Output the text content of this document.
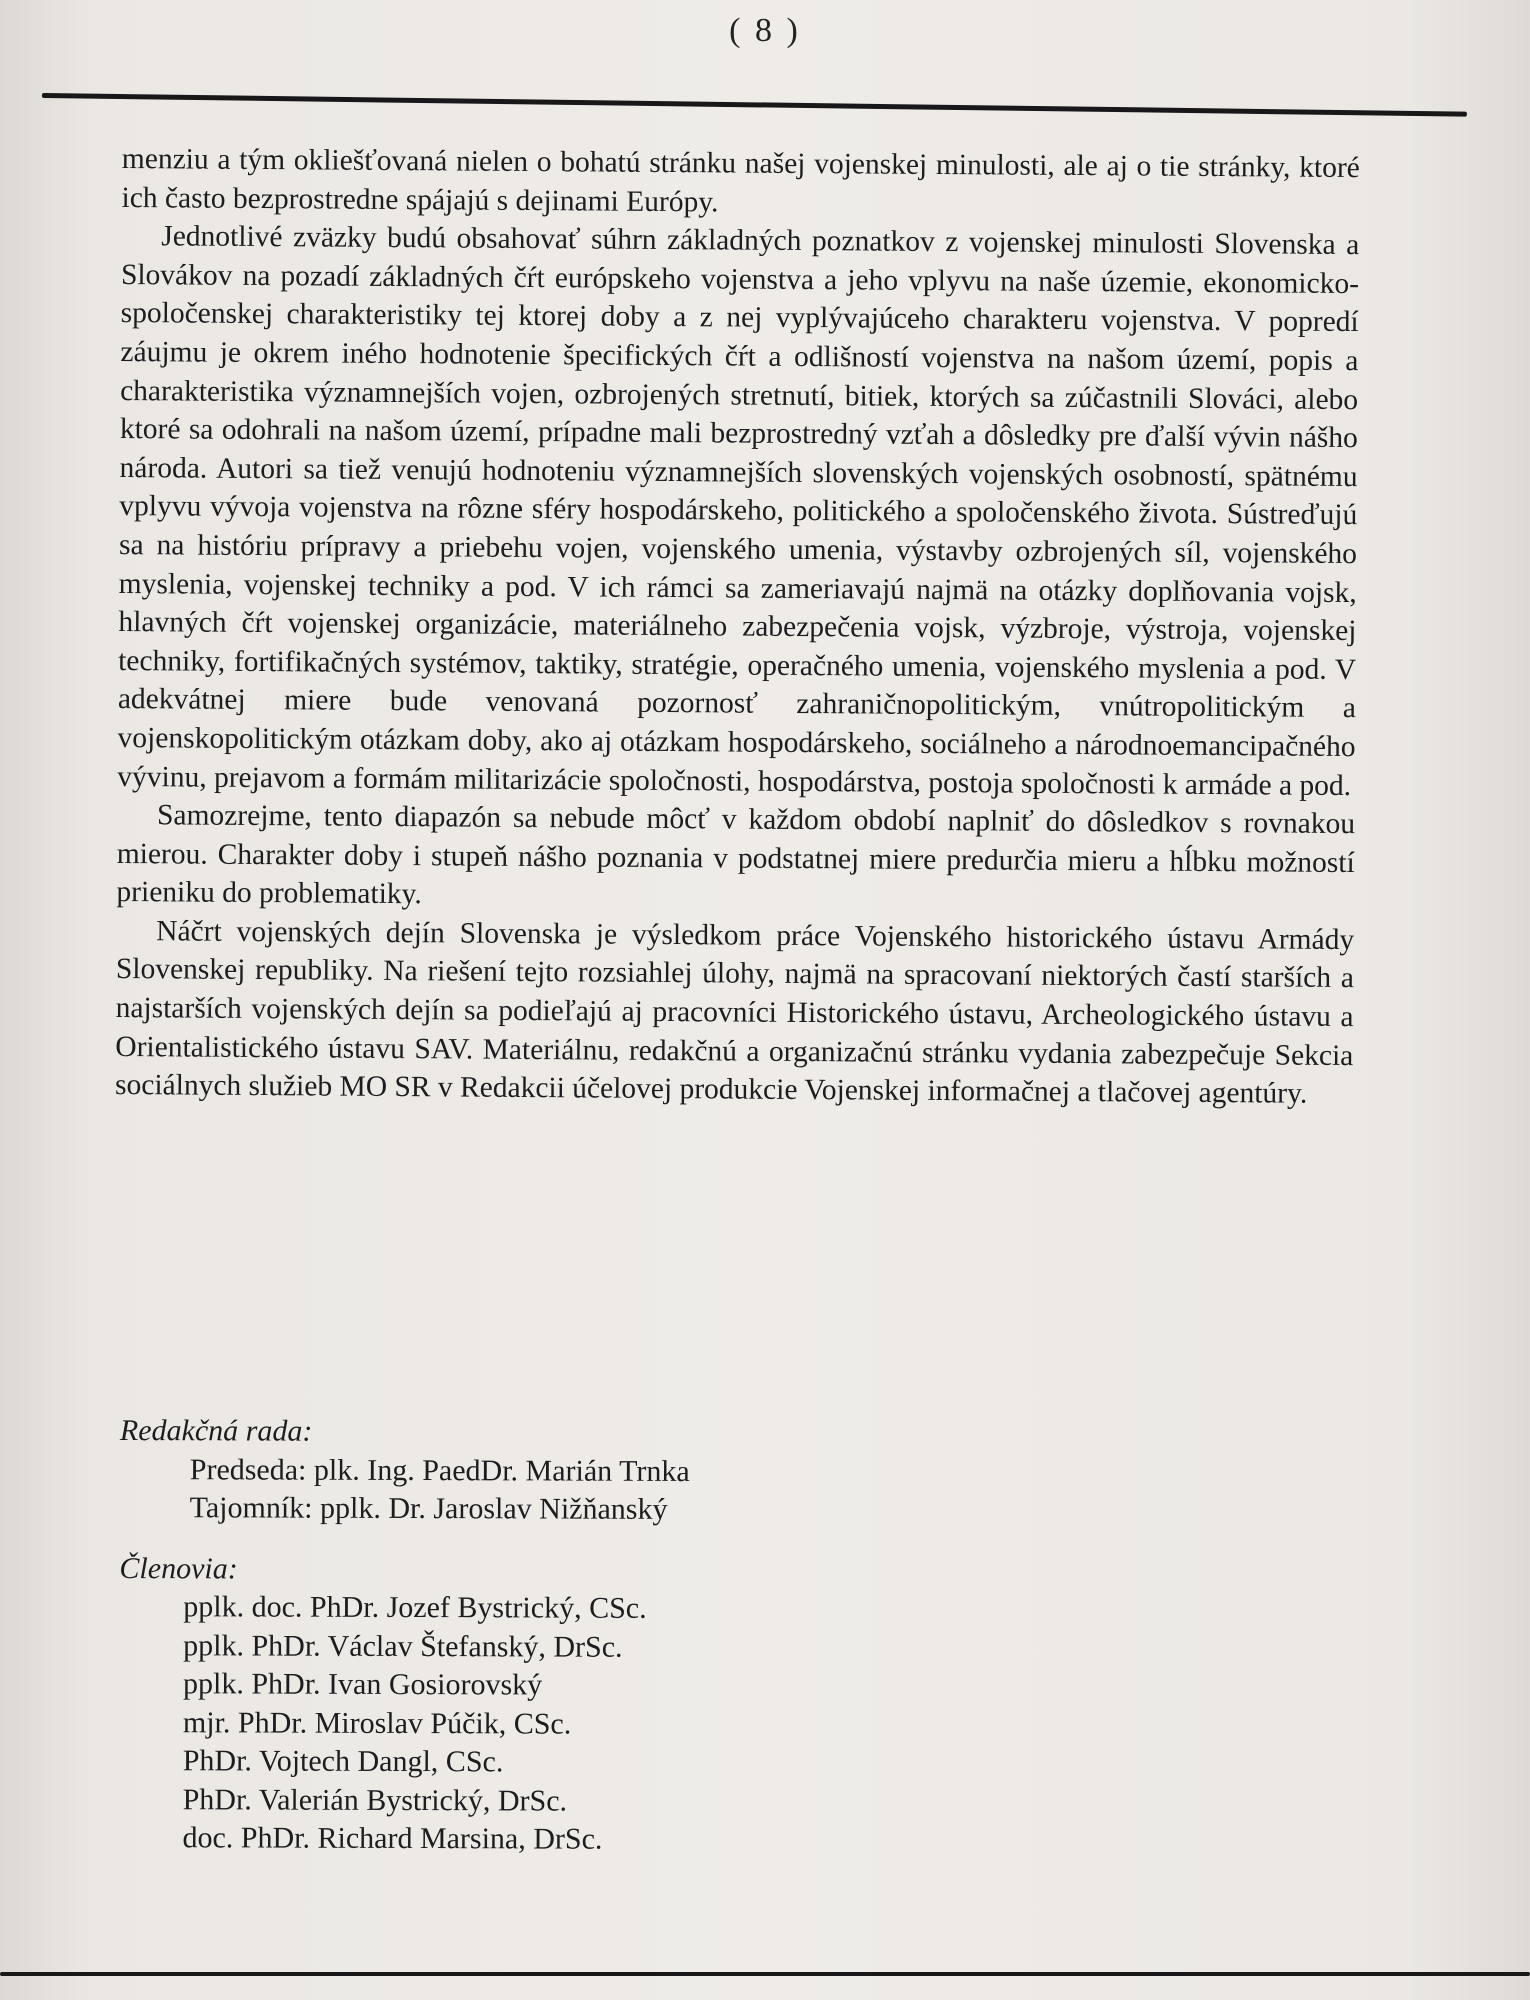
( 8 )

menziu a tým okliešťovaná nielen o bohatú stránku našej vojenskej minulosti, ale aj o tie stránky, ktoré ich často bezprostredne spájajú s dejinami Európy.

Jednotlivé zväzky budú obsahovať súhrn základných poznatkov z vojenskej minulosti Slovenska a Slovákov na pozadí základných čŕt európskeho vojenstva a jeho vplyvu na naše územie, ekonomicko-spoločenskej charakteristiky tej ktorej doby a z nej vyplývajúceho charakteru vojenstva. V popredí záujmu je okrem iného hodnotenie špecifických čŕt a odlišností vojenstva na našom území, popis a charakteristika významnejších vojen, ozbrojených stretnutí, bitiek, ktorých sa zúčastnili Slováci, alebo ktoré sa odohrali na našom území, prípadne mali bezprostredný vzťah a dôsledky pre ďalší vývin nášho národa. Autori sa tiež venujú hodnoteniu významnejších slovenských vojenských osobností, spätnému vplyvu vývoja vojenstva na rôzne sféry hospodárskeho, politického a spoločenského života. Sústreďujú sa na históriu prípravy a priebehu vojen, vojenského umenia, výstavby ozbrojených síl, vojenského myslenia, vojenskej techniky a pod. V ich rámci sa zameriavajú najmä na otázky doplňovania vojsk, hlavných čŕt vojenskej organizácie, materiálneho zabezpečenia vojsk, výzbroje, výstroja, vojenskej techniky, fortifikačných systémov, taktiky, stratégie, operačného umenia, vojenského myslenia a pod. V adekvátnej miere bude venovaná pozornosť zahraničnopolitickým, vnútropolitickým a vojenskopolitickým otázkam doby, ako aj otázkam hospodárskeho, sociálneho a národnoemancipačného vývinu, prejavom a formám militarizácie spoločnosti, hospodárstva, postoja spoločnosti k armáde a pod.

Samozrejme, tento diapazón sa nebude môcť v každom období naplniť do dôsledkov s rovnakou mierou. Charakter doby i stupeň nášho poznania v podstatnej miere predurčia mieru a hĺbku možností prieniku do problematiky.

Náčrt vojenských dejín Slovenska je výsledkom práce Vojenského historického ústavu Armády Slovenskej republiky. Na riešení tejto rozsiahlej úlohy, najmä na spracovaní niektorých častí starších a najstarších vojenských dejín sa podieľajú aj pracovníci Historického ústavu, Archeologického ústavu a Orientalistického ústavu SAV. Materiálnu, redakčnú a organizačnú stránku vydania zabezpečuje Sekcia sociálnych služieb MO SR v Redakcii účelovej produkcie Vojenskej informačnej a tlačovej agentúry.

Redakčná rada:

Predseda: plk. Ing. PaedDr. Marián Trnka

Tajomník: pplk. Dr. Jaroslav Nižňanský

Členovia:

pplk. doc. PhDr. Jozef Bystrický, CSc.

pplk. PhDr. Václav Štefanský, DrSc.

pplk. PhDr. Ivan Gosiorovský

mjr. PhDr. Miroslav Púčik, CSc.

PhDr. Vojtech Dangl, CSc.

PhDr. Valerián Bystrický, DrSc.

doc. PhDr. Richard Marsina, DrSc.
